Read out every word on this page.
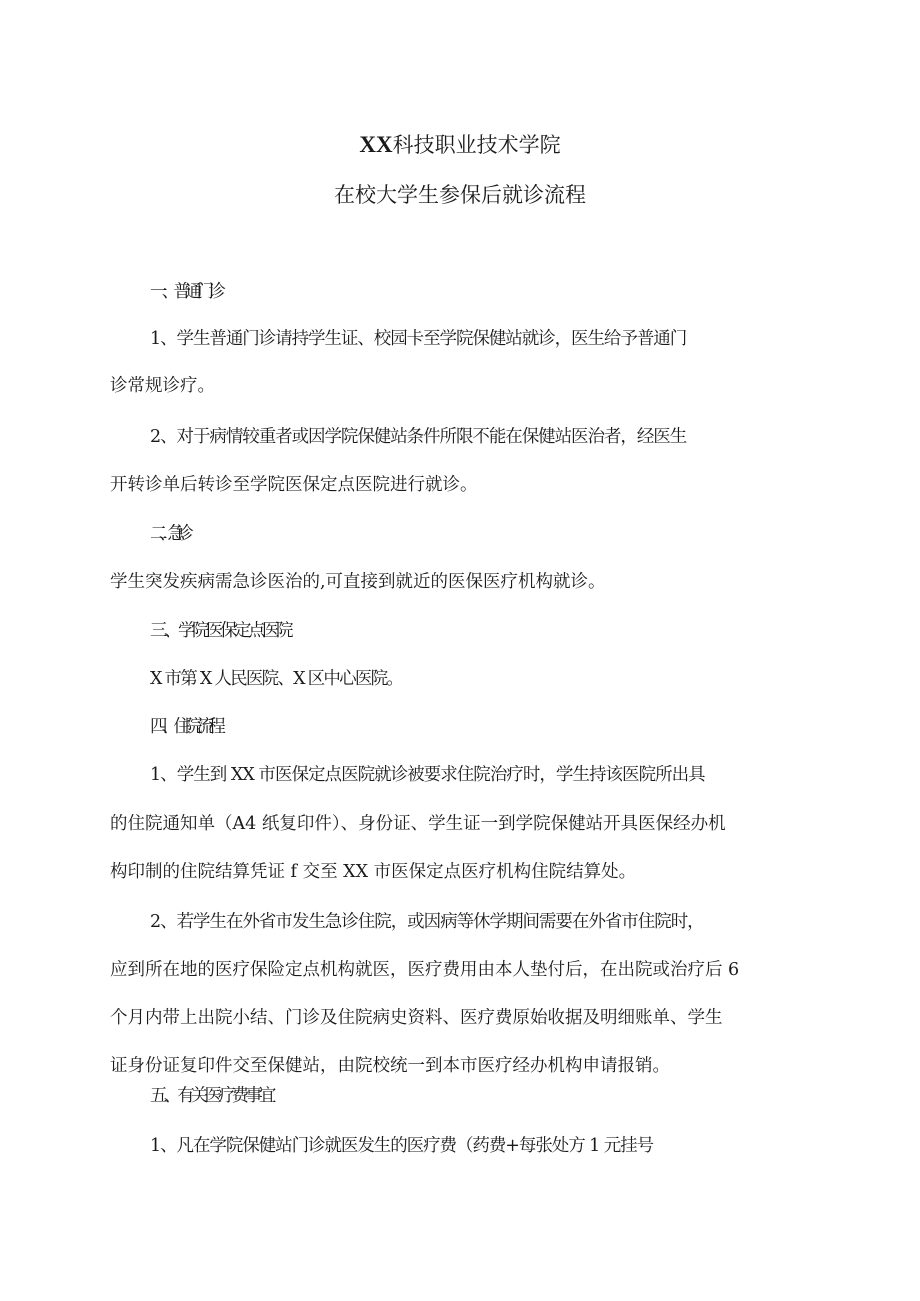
XX科技职业技术学院
在校大学生参保后就诊流程
一、普通门诊
1、学生普通门诊请持学生证、校园卡至学院保健站就诊，医生给予普通门
诊常规诊疗。
2、对于病情较重者或因学院保健站条件所限不能在保健站医治者，经医生
开转诊单后转诊至学院医保定点医院进行就诊。
二、急诊
学生突发疾病需急诊医治的,可直接到就近的医保医疗机构就诊。
三、学院医保定点医院
X 市第 X 人民医院、X 区中心医院。
四、住院流程
1、学生到 XX 市医保定点医院就诊被要求住院治疗时，学生持该医院所出具
的住院通知单（A4 纸复印件）、身份证、学生证一到学院保健站开具医保经办机
构印制的住院结算凭证 f 交至 XX 市医保定点医疗机构住院结算处。
2、若学生在外省市发生急诊住院，或因病等休学期间需要在外省市住院时，
应到所在地的医疗保险定点机构就医，医疗费用由本人垫付后，在出院或治疗后 6
个月内带上出院小结、门诊及住院病史资料、医疗费原始收据及明细账单、学生
证身份证复印件交至保健站，由院校统一到本市医疗经办机构申请报销。
五、有关医疗费事宜
1、凡在学院保健站门诊就医发生的医疗费（药费+每张处方 1 元挂号
